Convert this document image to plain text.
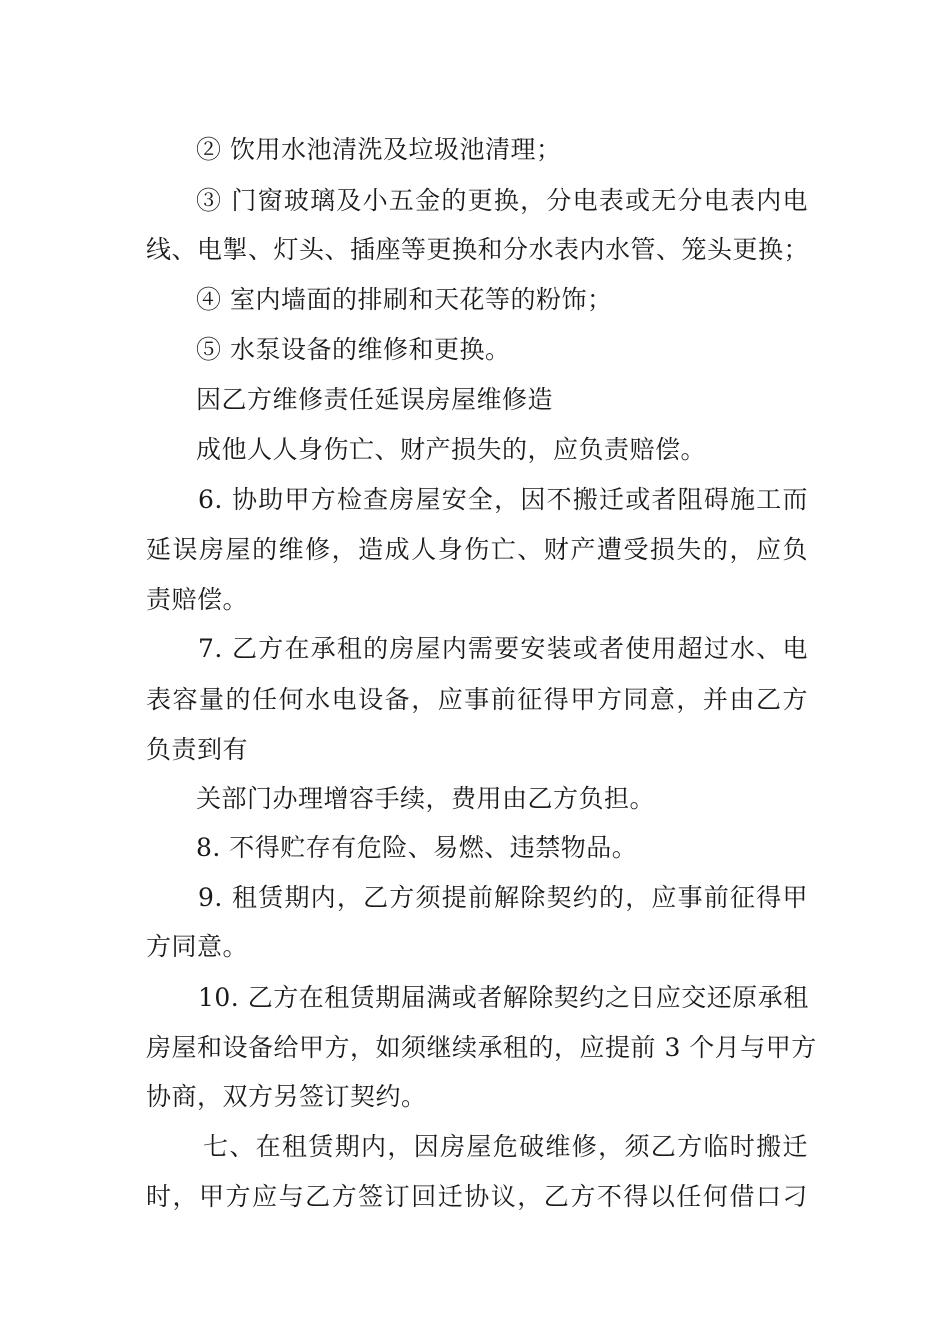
② 饮用水池清洗及垃圾池清理；
③ 门窗玻璃及小五金的更换，分电表或无分电表内电
线、电掣、灯头、插座等更换和分水表内水管、笼头更换；
④ 室内墙面的排刷和天花等的粉饰；
⑤ 水泵设备的维修和更换。
因乙方维修责任延误房屋维修造
成他人人身伤亡、财产损失的，应负责赔偿。
6. 协助甲方检查房屋安全，因不搬迁或者阻碍施工而
延误房屋的维修，造成人身伤亡、财产遭受损失的，应负
责赔偿。
7. 乙方在承租的房屋内需要安装或者使用超过水、电
表容量的任何水电设备，应事前征得甲方同意，并由乙方
负责到有
关部门办理增容手续，费用由乙方负担。
8. 不得贮存有危险、易燃、违禁物品。
9. 租赁期内，乙方须提前解除契约的，应事前征得甲
方同意。
10. 乙方在租赁期届满或者解除契约之日应交还原承租
房屋和设备给甲方，如须继续承租的，应提前 3 个月与甲方
协商，双方另签订契约。
七、在租赁期内，因房屋危破维修，须乙方临时搬迁
时，甲方应与乙方签订回迁协议，乙方不得以任何借口刁
